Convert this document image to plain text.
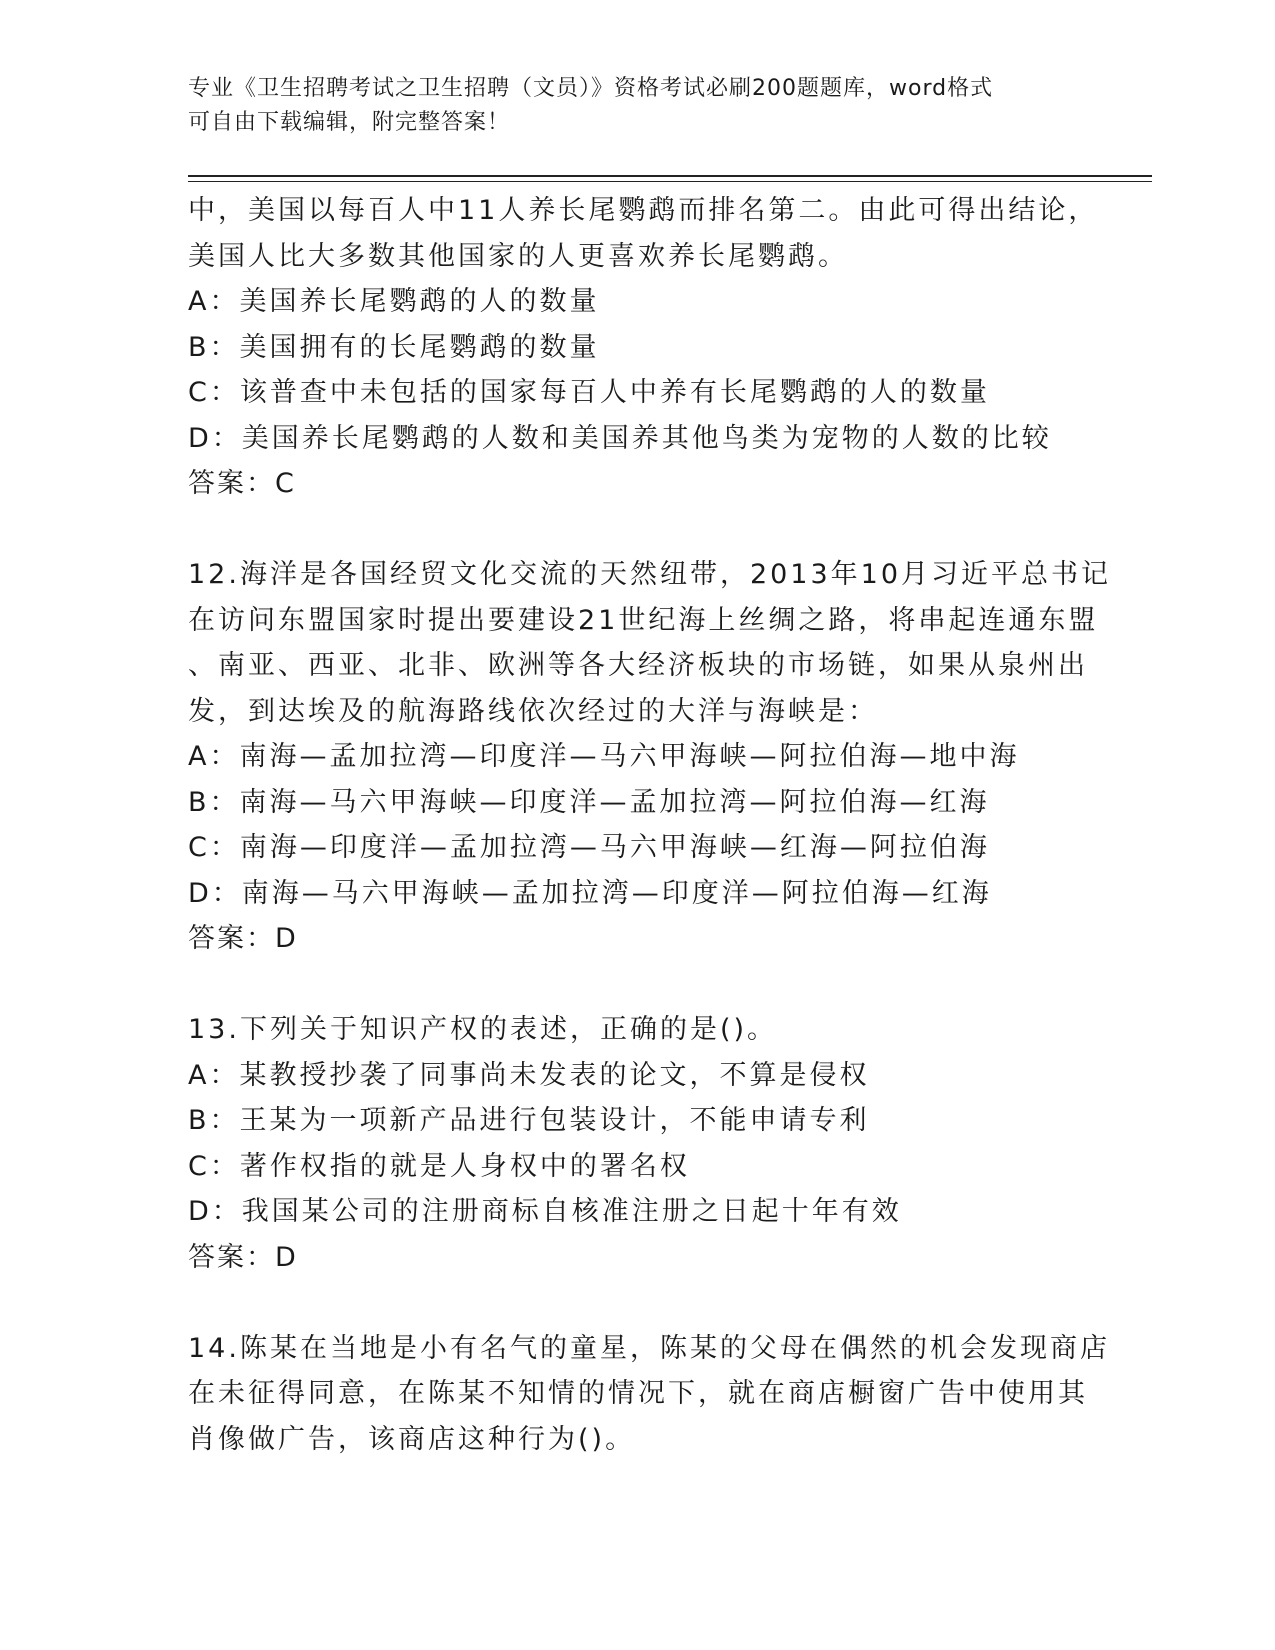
专业《卫生招聘考试之卫生招聘（文员）》资格考试必刷200题题库，word格式
可自由下载编辑，附完整答案！
中，美国以每百人中11人养长尾鹦鹉而排名第二。由此可得出结论，
美国人比大多数其他国家的人更喜欢养长尾鹦鹉。
A：美国养长尾鹦鹉的人的数量
B：美国拥有的长尾鹦鹉的数量
C：该普查中未包括的国家每百人中养有长尾鹦鹉的人的数量
D：美国养长尾鹦鹉的人数和美国养其他鸟类为宠物的人数的比较
答案：C
12.海洋是各国经贸文化交流的天然纽带，2013年10月习近平总书记
在访问东盟国家时提出要建设21世纪海上丝绸之路，将串起连通东盟
、南亚、西亚、北非、欧洲等各大经济板块的市场链，如果从泉州出
发，到达埃及的航海路线依次经过的大洋与海峡是：
A：南海—孟加拉湾—印度洋—马六甲海峡—阿拉伯海—地中海
B：南海—马六甲海峡—印度洋—孟加拉湾—阿拉伯海—红海
C：南海—印度洋—孟加拉湾—马六甲海峡—红海—阿拉伯海
D：南海—马六甲海峡—孟加拉湾—印度洋—阿拉伯海—红海
答案：D
13.下列关于知识产权的表述，正确的是()。
A：某教授抄袭了同事尚未发表的论文，不算是侵权
B：王某为一项新产品进行包装设计，不能申请专利
C：著作权指的就是人身权中的署名权
D：我国某公司的注册商标自核准注册之日起十年有效
答案：D
14.陈某在当地是小有名气的童星，陈某的父母在偶然的机会发现商店
在未征得同意，在陈某不知情的情况下，就在商店橱窗广告中使用其
肖像做广告，该商店这种行为()。
